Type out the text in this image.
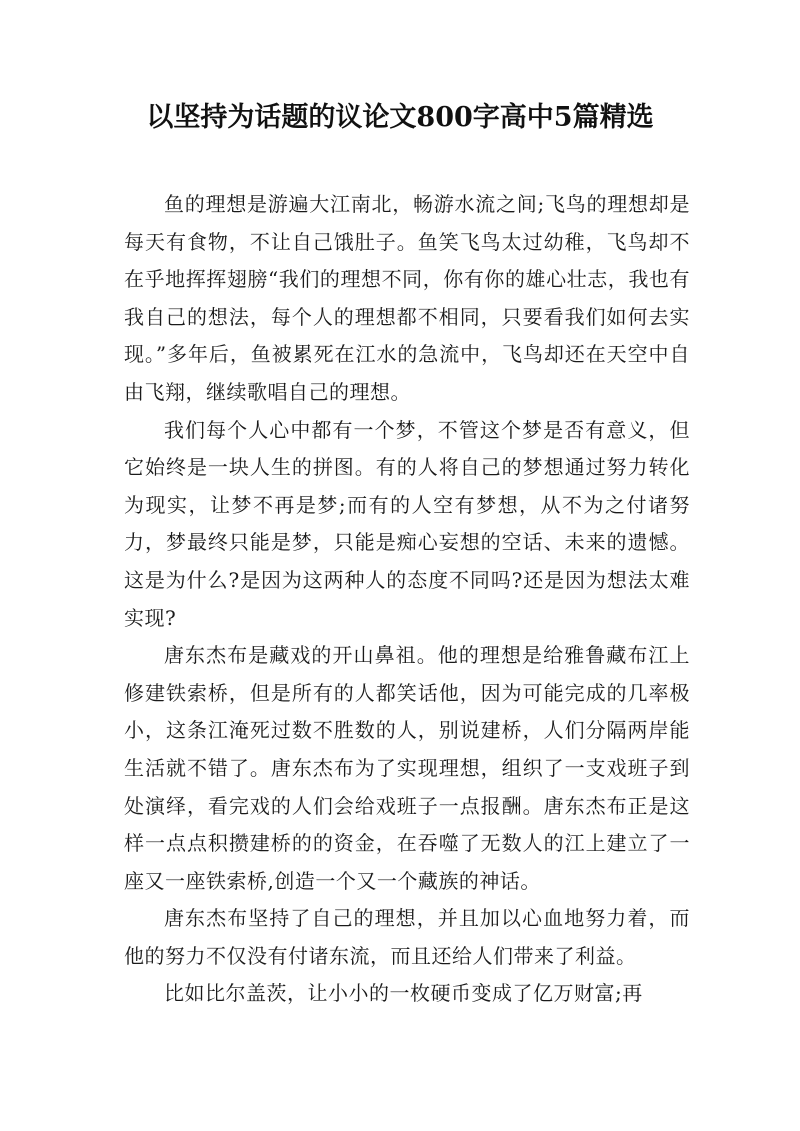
以坚持为话题的议论文800字高中5篇精选

鱼的理想是游遍大江南北，畅游水流之间;飞鸟的理想却是每天有食物，不让自己饿肚子。鱼笑飞鸟太过幼稚，飞鸟却不在乎地挥挥翅膀“我们的理想不同，你有你的雄心壮志，我也有我自己的想法，每个人的理想都不相同，只要看我们如何去实现。”多年后，鱼被累死在江水的急流中，飞鸟却还在天空中自由飞翔，继续歌唱自己的理想。

我们每个人心中都有一个梦，不管这个梦是否有意义，但它始终是一块人生的拼图。有的人将自己的梦想通过努力转化为现实，让梦不再是梦;而有的人空有梦想，从不为之付诸努力，梦最终只能是梦，只能是痴心妄想的空话、未来的遗憾。这是为什么?是因为这两种人的态度不同吗?还是因为想法太难实现?

唐东杰布是藏戏的开山鼻祖。他的理想是给雅鲁藏布江上修建铁索桥，但是所有的人都笑话他，因为可能完成的几率极小，这条江淹死过数不胜数的人，别说建桥，人们分隔两岸能生活就不错了。唐东杰布为了实现理想，组织了一支戏班子到处演绎，看完戏的人们会给戏班子一点报酬。唐东杰布正是这样一点点积攒建桥的的资金，在吞噬了无数人的江上建立了一座又一座铁索桥,创造一个又一个藏族的神话。

唐东杰布坚持了自己的理想，并且加以心血地努力着，而他的努力不仅没有付诸东流，而且还给人们带来了利益。

比如比尔盖茨，让小小的一枚硬币变成了亿万财富;再
